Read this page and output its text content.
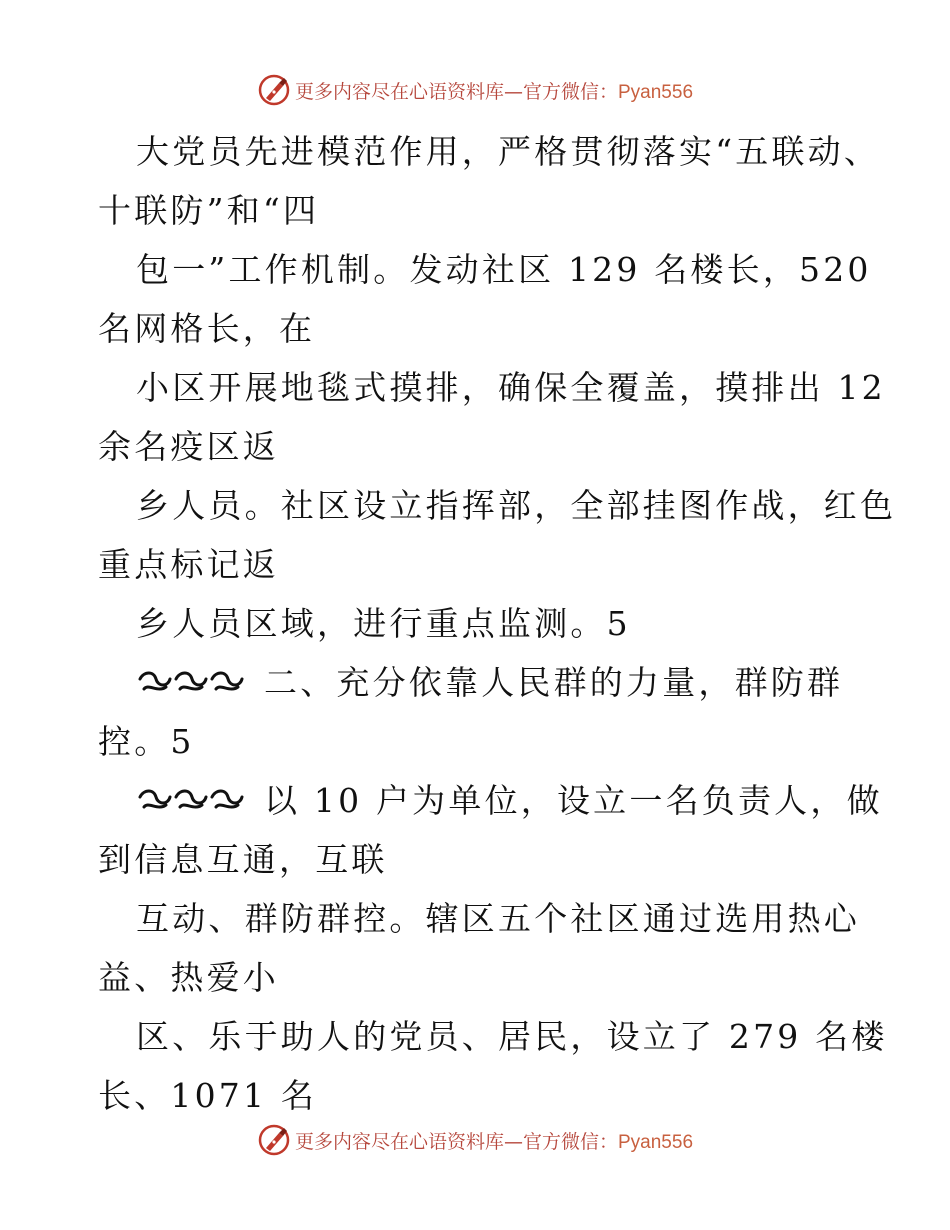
更多内容尽在心语资料库—官方微信：Pyan556
大党员先进模范作用，严格贯彻落实“五联动、
十联防”和“四
包一”工作机制。发动社区 129 名楼长，520
名网格长，在
小区开展地毯式摸排，确保全覆盖，摸排出 12
余名疫区返
乡人员。社区设立指挥部，全部挂图作战，红色
重点标记返
乡人员区域，进行重点监测。5
二、充分依靠人民群的力量，群防群
控。5
以 10 户为单位，设立一名负责人，做
到信息互通，互联
互动、群防群控。辖区五个社区通过选用热心
益、热爱小
区、乐于助人的党员、居民，设立了 279 名楼
长、1071 名
更多内容尽在心语资料库—官方微信：Pyan556
